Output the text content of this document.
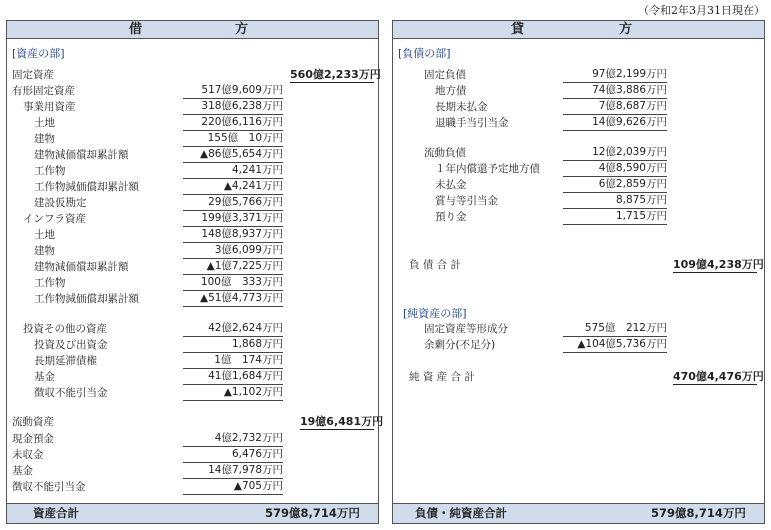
（令和2年3月31日現在）
借	方
[資産の部]
固定資産	560億2,233万円
有形固定資産	517億9,609万円
事業用資産	318億6,238万円
土地	220億6,116万円
建物	155億　10万円
建物減価償却累計額	▲86億5,654万円
工作物	4,241万円
工作物減価償却累計額	▲4,241万円
建設仮勘定	29億5,766万円
インフラ資産	199億3,371万円
土地	148億8,937万円
建物	3億6,099万円
建物減価償却累計額	▲1億7,225万円
工作物	100億　333万円
工作物減価償却累計額	▲51億4,773万円
投資その他の資産	42億2,624万円
投資及び出資金	1,868万円
長期延滞債権	1億　174万円
基金	41億1,684万円
徴収不能引当金	▲1,102万円
流動資産	19億6,481万円
現金預金	4億2,732万円
未収金	6,476万円
基金	14億7,978万円
徴収不能引当金	▲705万円
資産合計	579億8,714万円
貸	方
[負債の部]
固定負債	97億2,199万円
地方債	74億3,886万円
長期未払金	7億8,687万円
退職手当引当金	14億9,626万円
流動負債	12億2,039万円
１年内償還予定地方債	4億8,590万円
未払金	6億2,859万円
賞与等引当金	8,875万円
預り金	1,715万円
負 債 合 計	109億4,238万円
[純資産の部]
固定資産等形成分	575億　212万円
余剰分(不足分)	▲104億5,736万円
純 資 産 合 計	470億4,476万円
負債・純資産合計	579億8,714万円
